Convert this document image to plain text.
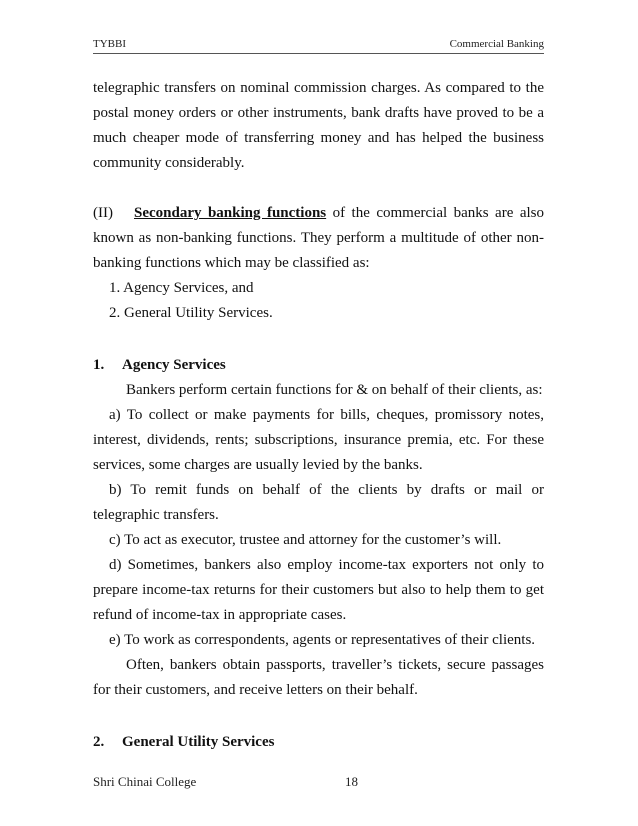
TYBBI	Commercial Banking

telegraphic transfers on nominal commission charges. As compared to the postal money orders or other instruments, bank drafts have proved to be a much cheaper mode of transferring money and has helped the business community considerably.

(II) Secondary banking functions of the commercial banks are also known as non-banking functions. They perform a multitude of other non-banking functions which may be classified as:

1. Agency Services, and

2. General Utility Services.

1. Agency Services

Bankers perform certain functions for & on behalf of their clients, as:

a) To collect or make payments for bills, cheques, promissory notes, interest, dividends, rents; subscriptions, insurance premia, etc. For these services, some charges are usually levied by the banks.

b) To remit funds on behalf of the clients by drafts or mail or telegraphic transfers.

c) To act as executor, trustee and attorney for the customer’s will.

d) Sometimes, bankers also employ income-tax exporters not only to prepare income-tax returns for their customers but also to help them to get refund of income-tax in appropriate cases.

e) To work as correspondents, agents or representatives of their clients.

Often, bankers obtain passports, traveller’s tickets, secure passages for their customers, and receive letters on their behalf.

2. General Utility Services

Shri Chinai College	18
